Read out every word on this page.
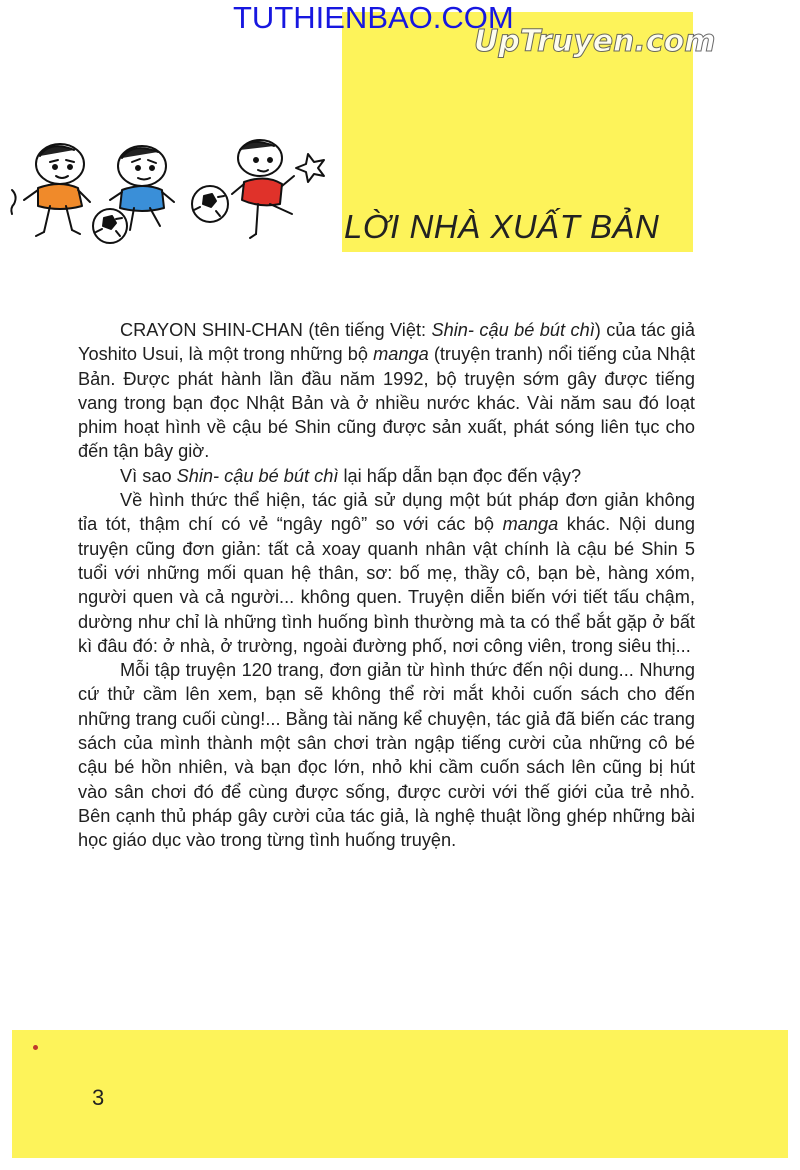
TUTHIENBAO.COM
UpTruyen.com
LỜI NHÀ XUẤT BẢN

CRAYON SHIN-CHAN (tên tiếng Việt: Shin- cậu bé bút chì) của tác giả Yoshito Usui, là một trong những bộ manga (truyện tranh) nổi tiếng của Nhật Bản. Được phát hành lần đầu năm 1992, bộ truyện sớm gây được tiếng vang trong bạn đọc Nhật Bản và ở nhiều nước khác. Vài năm sau đó loạt phim hoạt hình về cậu bé Shin cũng được sản xuất, phát sóng liên tục cho đến tận bây giờ.

Vì sao Shin- cậu bé bút chì lại hấp dẫn bạn đọc đến vậy?

Về hình thức thể hiện, tác giả sử dụng một bút pháp đơn giản không tỉa tót, thậm chí có vẻ “ngây ngô” so với các bộ manga khác. Nội dung truyện cũng đơn giản: tất cả xoay quanh nhân vật chính là cậu bé Shin 5 tuổi với những mối quan hệ thân, sơ: bố mẹ, thầy cô, bạn bè, hàng xóm, người quen và cả người... không quen. Truyện diễn biến với tiết tấu chậm, dường như chỉ là những tình huống bình thường mà ta có thể bắt gặp ở bất kì đâu đó: ở nhà, ở trường, ngoài đường phố, nơi công viên, trong siêu thị...

Mỗi tập truyện 120 trang, đơn giản từ hình thức đến nội dung... Nhưng cứ thử cầm lên xem, bạn sẽ không thể rời mắt khỏi cuốn sách cho đến những trang cuối cùng!... Bằng tài năng kể chuyện, tác giả đã biến các trang sách của mình thành một sân chơi tràn ngập tiếng cười của những cô bé cậu bé hồn nhiên, và bạn đọc lớn, nhỏ khi cầm cuốn sách lên cũng bị hút vào sân chơi đó để cùng được sống, được cười với thế giới của trẻ nhỏ. Bên cạnh thủ pháp gây cười của tác giả, là nghệ thuật lồng ghép những bài học giáo dục vào trong từng tình huống truyện.

3
